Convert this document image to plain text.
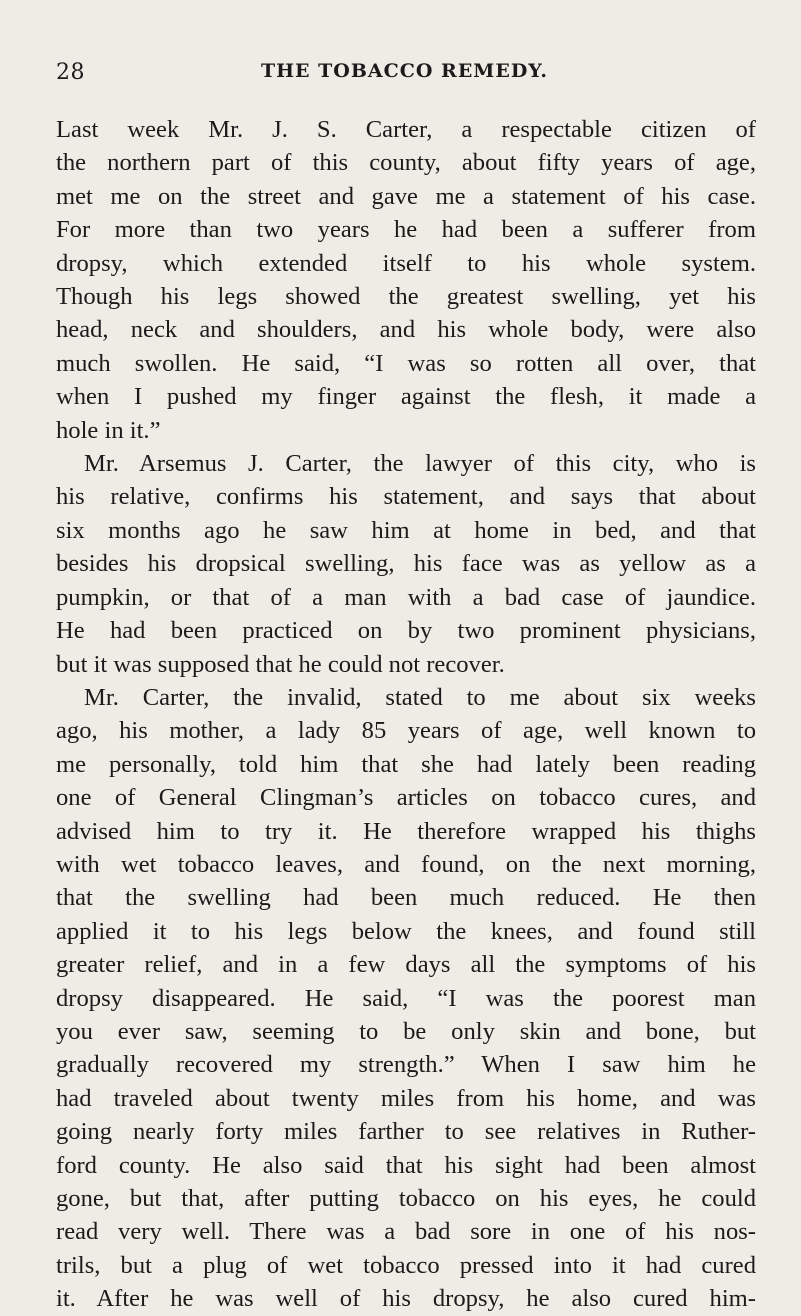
28	THE TOBACCO REMEDY.
Last week Mr. J. S. Carter, a respectable citizen of
the northern part of this county, about fifty years of age,
met me on the street and gave me a statement of his case.
For more than two years he had been a sufferer from
dropsy, which extended itself to his whole system.
Though his legs showed the greatest swelling, yet his
head, neck and shoulders, and his whole body, were also
much swollen. He said, “I was so rotten all over, that
when I pushed my finger against the flesh, it made a
hole in it.”
Mr. Arsemus J. Carter, the lawyer of this city, who is
his relative, confirms his statement, and says that about
six months ago he saw him at home in bed, and that
besides his dropsical swelling, his face was as yellow as a
pumpkin, or that of a man with a bad case of jaundice.
He had been practiced on by two prominent physicians,
but it was supposed that he could not recover.
Mr. Carter, the invalid, stated to me about six weeks
ago, his mother, a lady 85 years of age, well known to
me personally, told him that she had lately been reading
one of General Clingman’s articles on tobacco cures, and
advised him to try it. He therefore wrapped his thighs
with wet tobacco leaves, and found, on the next morning,
that the swelling had been much reduced. He then
applied it to his legs below the knees, and found still
greater relief, and in a few days all the symptoms of his
dropsy disappeared. He said, “I was the poorest man
you ever saw, seeming to be only skin and bone, but
gradually recovered my strength.” When I saw him he
had traveled about twenty miles from his home, and was
going nearly forty miles farther to see relatives in Ruther-
ford county. He also said that his sight had been almost
gone, but that, after putting tobacco on his eyes, he could
read very well. There was a bad sore in one of his nos-
trils, but a plug of wet tobacco pressed into it had cured
it. After he was well of his dropsy, he also cured him-
